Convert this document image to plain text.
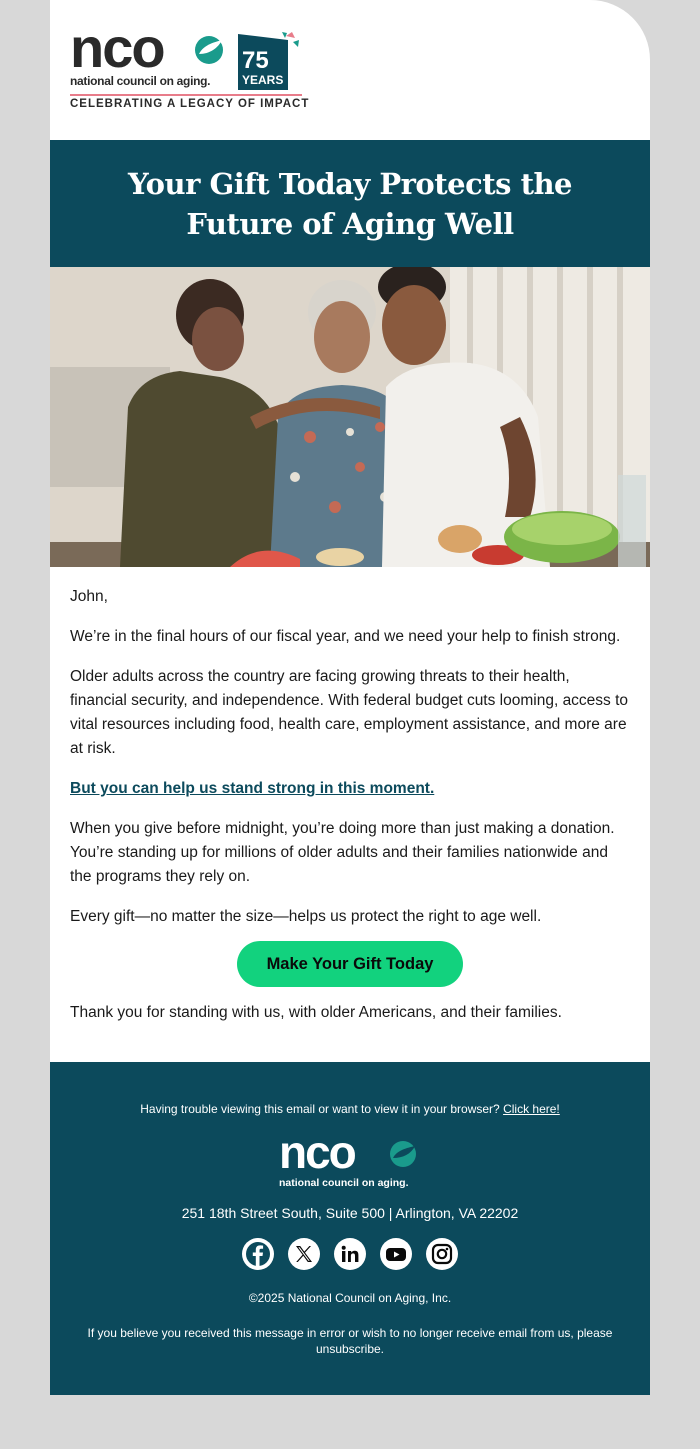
nco
national council on aging.
75
YEARS
CELEBRATING A LEGACY OF IMPACT
Your Gift Today Protects the Future of Aging Well

John,

We’re in the final hours of our fiscal year, and we need your help to finish strong.

Older adults across the country are facing growing threats to their health, financial security, and independence. With federal budget cuts looming, access to vital resources including food, health care, employment assistance, and more are at risk.

But you can help us stand strong in this moment.

When you give before midnight, you’re doing more than just making a donation. You’re standing up for millions of older adults and their families nationwide and the programs they rely on.

Every gift—no matter the size—helps us protect the right to age well.

Make Your Gift Today

Thank you for standing with us, with older Americans, and their families.

Having trouble viewing this email or want to view it in your browser? Click here!
nco
national council on aging.
251 18th Street South, Suite 500 | Arlington, VA 22202
©2025 National Council on Aging, Inc.
If you believe you received this message in error or wish to no longer receive email from us, please unsubscribe.
